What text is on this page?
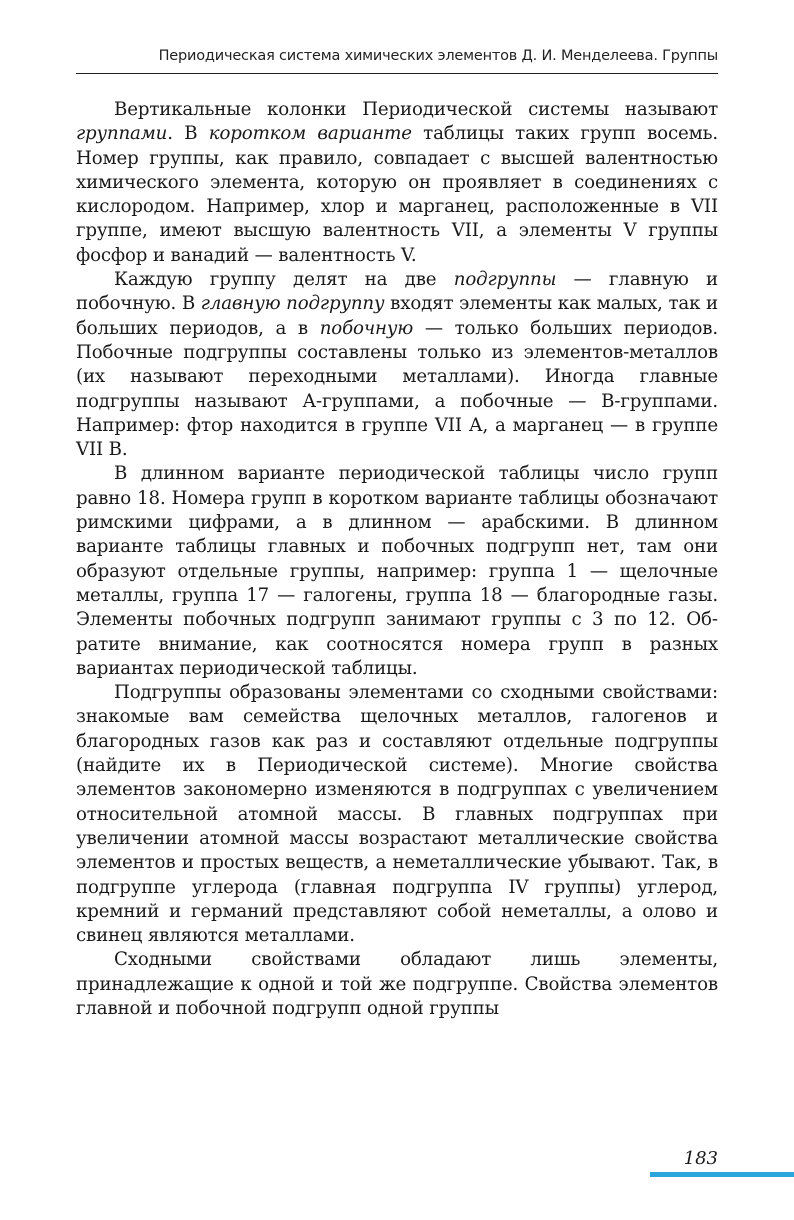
Периодическая система химических элементов Д. И. Менделеева. Группы

Вертикальные колонки Периодической системы называют группами. В коротком варианте таблицы таких групп восемь. Номер группы, как правило, совпадает с высшей валентностью химического элемента, которую он проявляет в соединениях с кислородом. Например, хлор и марганец, расположенные в VII группе, имеют высшую валентность VII, а элементы V группы фосфор и ванадий — валентность V.

Каждую группу делят на две подгруппы — главную и побочную. В главную подгруппу входят элементы как малых, так и больших периодов, а в побочную — только больших периодов. Побочные подгруппы составлены только из элементов-металлов (их называют переходными металлами). Иногда главные подгруппы называют А-группами, а побочные — В-группами. Например: фтор находится в группе VII А, а марганец — в группе VII В.

В длинном варианте периодической таблицы число групп равно 18. Номера групп в коротком варианте таблицы обозначают римскими цифрами, а в длинном — арабскими. В длинном варианте таблицы главных и побочных подгрупп нет, там они образуют отдельные группы, например: группа 1 — щелочные металлы, группа 17 — галогены, группа 18 — благородные газы. Элементы побочных подгрупп занимают группы с 3 по 12. Обратите внимание, как соотносятся номера групп в разных вариантах периодической таблицы.

Подгруппы образованы элементами со сходными свойствами: знакомые вам семейства щелочных металлов, галогенов и благородных газов как раз и составляют отдельные подгруппы (найдите их в Периодической системе). Многие свойства элементов закономерно изменяются в подгруппах с увеличением относительной атомной массы. В главных подгруппах при увеличении атомной массы возрастают металлические свойства элементов и простых веществ, а неметаллические убывают. Так, в подгруппе углерода (главная подгруппа IV группы) углерод, кремний и германий представляют собой неметаллы, а олово и свинец являются металлами.

Сходными свойствами обладают лишь элементы, принадлежащие к одной и той же подгруппе. Свойства элементов главной и побочной подгрупп одной группы

183
